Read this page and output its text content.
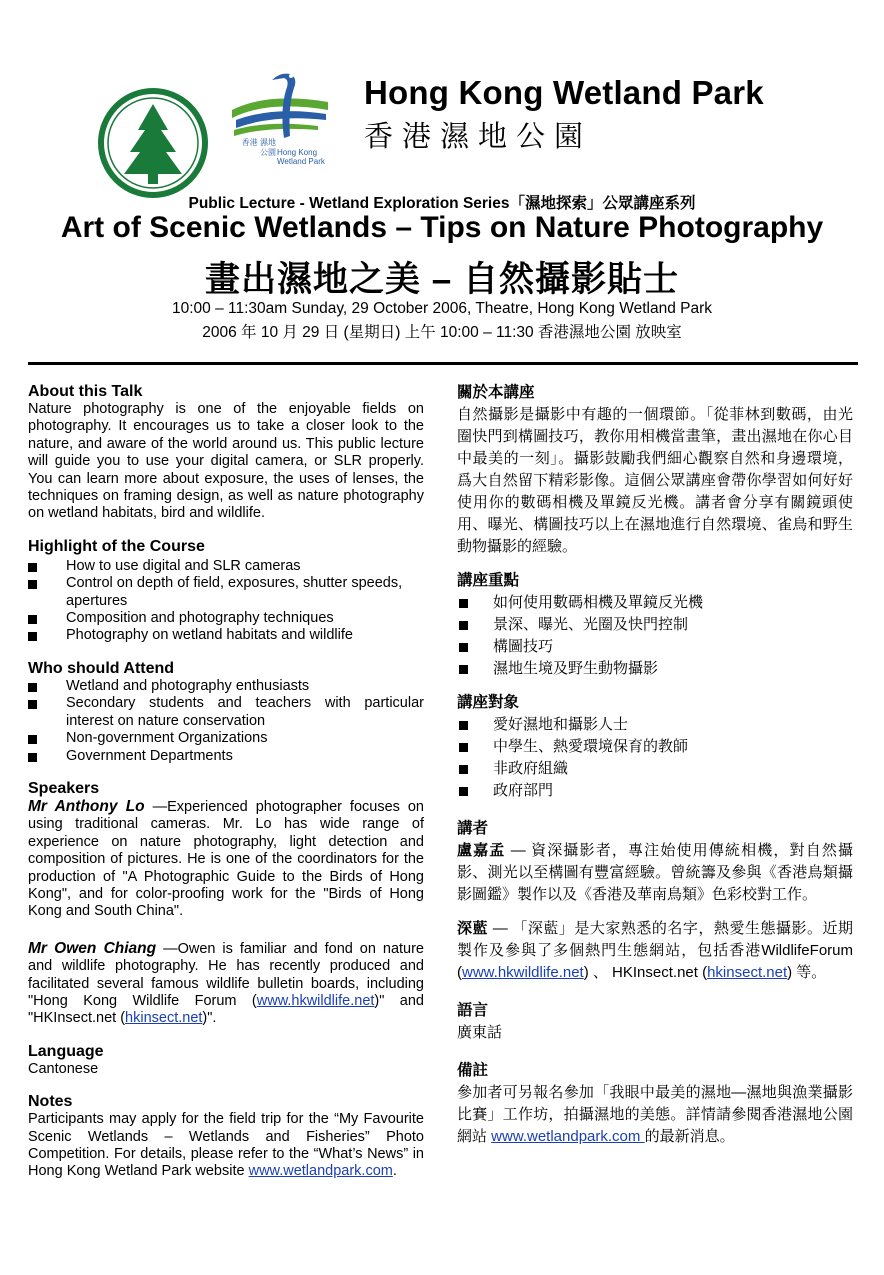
香港 濕地公園 Hong Kong Wetland Park
Hong Kong Wetland Park
香港濕地公園
Public Lecture - Wetland Exploration Series「濕地探索」公眾講座系列
Art of Scenic Wetlands – Tips on Nature Photography
畫出濕地之美 – 自然攝影貼士
10:00 – 11:30am Sunday, 29 October 2006, Theatre, Hong Kong Wetland Park
2006 年 10 月 29 日 (星期日) 上午 10:00 – 11:30 香港濕地公園 放映室
About this Talk

Nature photography is one of the enjoyable fields on photography. It encourages us to take a closer look to the nature, and aware of the world around us. This public lecture will guide you to use your digital camera, or SLR properly. You can learn more about exposure, the uses of lenses, the techniques on framing design, as well as nature photography on wetland habitats, bird and wildlife.

Highlight of the Course
How to use digital and SLR cameras
Control on depth of field, exposures, shutter speeds, apertures
Composition and photography techniques
Photography on wetland habitats and wildlife
Who should Attend
Wetland and photography enthusiasts
Secondary students and teachers with particular interest on nature conservation
Non-government Organizations
Government Departments
Speakers

Mr Anthony Lo —Experienced photographer focuses on using traditional cameras. Mr. Lo has wide range of experience on nature photography, light detection and composition of pictures. He is one of the coordinators for the production of "A Photographic Guide to the Birds of Hong Kong", and for color-proofing work for the "Birds of Hong Kong and South China".

Mr Owen Chiang —Owen is familiar and fond on nature and wildlife photography. He has recently produced and facilitated several famous wildlife bulletin boards, including "Hong Kong Wildlife Forum (www.hkwildlife.net)" and "HKInsect.net (hkinsect.net)".

Language

Cantonese

Notes

Participants may apply for the field trip for the “My Favourite Scenic Wetlands – Wetlands and Fisheries” Photo Competition. For details, please refer to the “What’s News” in Hong Kong Wetland Park website www.wetlandpark.com.

關於本講座

自然攝影是攝影中有趣的一個環節。「從菲林到數碼，由光圈快門到構圖技巧，教你用相機當畫筆，畫出濕地在你心目中最美的一刻」。攝影鼓勵我們細心觀察自然和身邊環境，爲大自然留下精彩影像。這個公眾講座會帶你學習如何好好使用你的數碼相機及單鏡反光機。講者會分享有關鏡頭使用、曝光、構圖技巧以上在濕地進行自然環境、雀鳥和野生動物攝影的經驗。

講座重點
如何使用數碼相機及單鏡反光機
景深、曝光、光圈及快門控制
構圖技巧
濕地生境及野生動物攝影
講座對象
愛好濕地和攝影人士
中學生、熱愛環境保育的教師
非政府組織
政府部門
講者

盧嘉孟 — 資深攝影者，專注始使用傳統相機，對自然攝影、測光以至構圖有豐富經驗。曾統籌及參與《香港鳥類攝影圖鑑》製作以及《香港及華南鳥類》色彩校對工作。

深藍 — 「深藍」是大家熟悉的名字，熱愛生態攝影。近期製作及參與了多個熱門生態網站，包括香港WildlifeForum (www.hkwildlife.net) 、 HKInsect.net (hkinsect.net) 等。

語言

廣東話

備註

參加者可另報名參加「我眼中最美的濕地—濕地與漁業攝影比賽」工作坊，拍攝濕地的美態。詳情請參閱香港濕地公園網站 www.wetlandpark.com 的最新消息。
